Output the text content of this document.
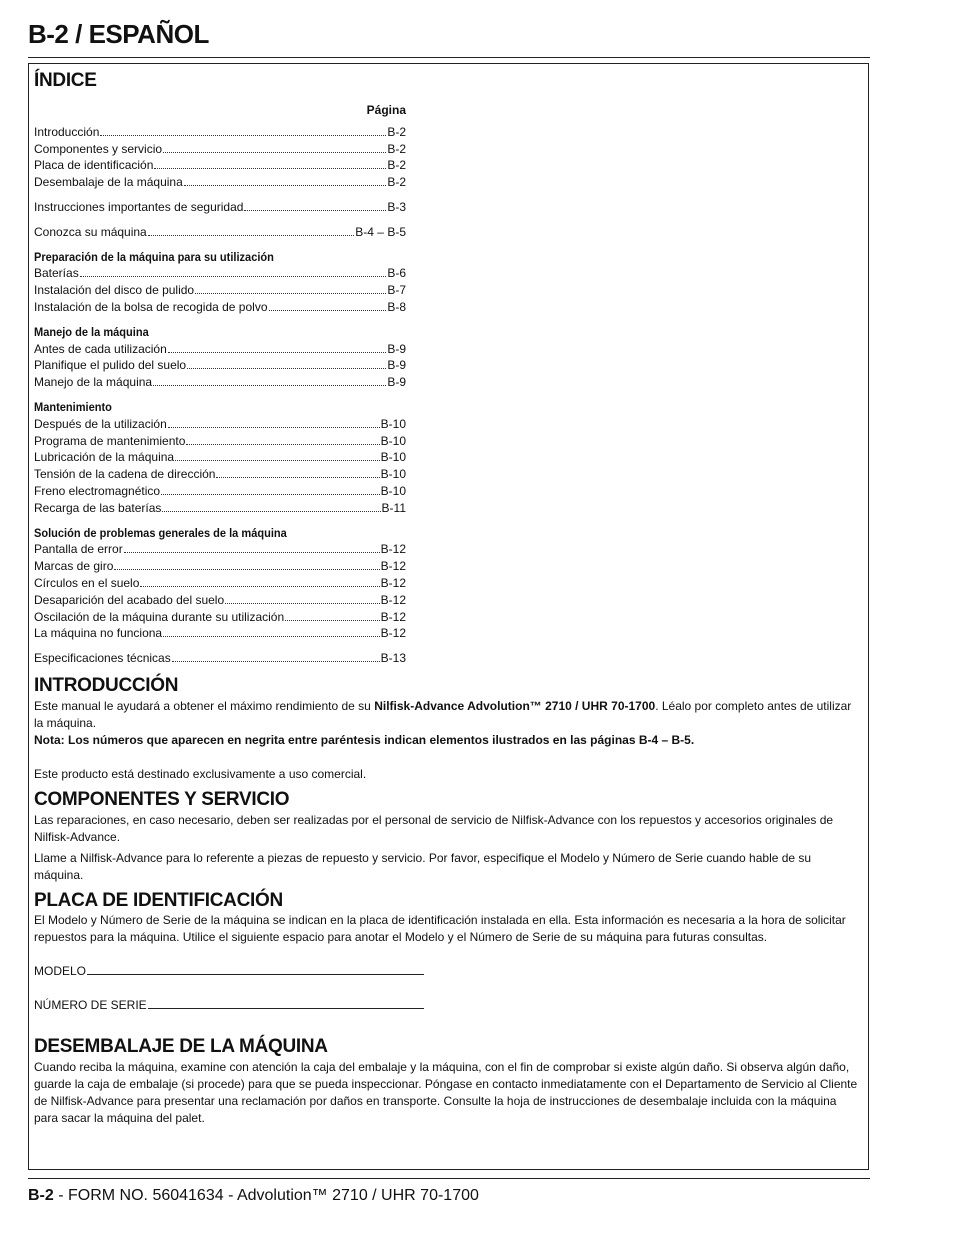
B-2 / ESPAÑOL
ÍNDICE
Página
Introducción	B-2
Componentes y servicio	B-2
Placa de identificación	B-2
Desembalaje de la máquina	B-2
Instrucciones importantes de seguridad	B-3
Conozca su máquina	B-4 – B-5
Preparación de la máquina para su utilización
Baterías	B-6
Instalación del disco de pulido	B-7
Instalación de la bolsa de recogida de polvo	B-8
Manejo de la máquina
Antes de cada utilización	B-9
Planifique el pulido del suelo	B-9
Manejo de la máquina	B-9
Mantenimiento
Después de la utilización	B-10
Programa de mantenimiento	B-10
Lubricación de la máquina	B-10
Tensión de la cadena de dirección	B-10
Freno electromagnético	B-10
Recarga de las baterías	B-11
Solución de problemas generales de la máquina
Pantalla de error	B-12
Marcas de giro	B-12
Círculos en el suelo	B-12
Desaparición del acabado del suelo	B-12
Oscilación de la máquina durante su utilización	B-12
La máquina no funciona	B-12
Especificaciones técnicas	B-13
INTRODUCCIÓN

Este manual le ayudará a obtener el máximo rendimiento de su Nilfisk-Advance Advolution™ 2710 / UHR 70-1700. Léalo por completo antes de utilizar la máquina.

Nota: Los números que aparecen en negrita entre paréntesis indican elementos ilustrados en las páginas B-4 – B-5.

Este producto está destinado exclusivamente a uso comercial.

COMPONENTES Y SERVICIO

Las reparaciones, en caso necesario, deben ser realizadas por el personal de servicio de Nilfisk-Advance con los repuestos y accesorios originales de Nilfisk-Advance.

Llame a Nilfisk-Advance para lo referente a piezas de repuesto y servicio. Por favor, especifique el Modelo y Número de Serie cuando hable de su máquina.

PLACA DE IDENTIFICACIÓN

El Modelo y Número de Serie de la máquina se indican en la placa de identificación instalada en ella. Esta información es necesaria a la hora de solicitar repuestos para la máquina. Utilice el siguiente espacio para anotar el Modelo y el Número de Serie de su máquina para futuras consultas.

MODELO
NÚMERO DE SERIE
DESEMBALAJE DE LA MÁQUINA

Cuando reciba la máquina, examine con atención la caja del embalaje y la máquina, con el fin de comprobar si existe algún daño. Si observa algún daño, guarde la caja de embalaje (si procede) para que se pueda inspeccionar. Póngase en contacto inmediatamente con el Departamento de Servicio al Cliente de Nilfisk-Advance para presentar una reclamación por daños en transporte. Consulte la hoja de instrucciones de desembalaje incluida con la máquina para sacar la máquina del palet.

B-2 - FORM NO. 56041634 - Advolution™ 2710 / UHR 70-1700
